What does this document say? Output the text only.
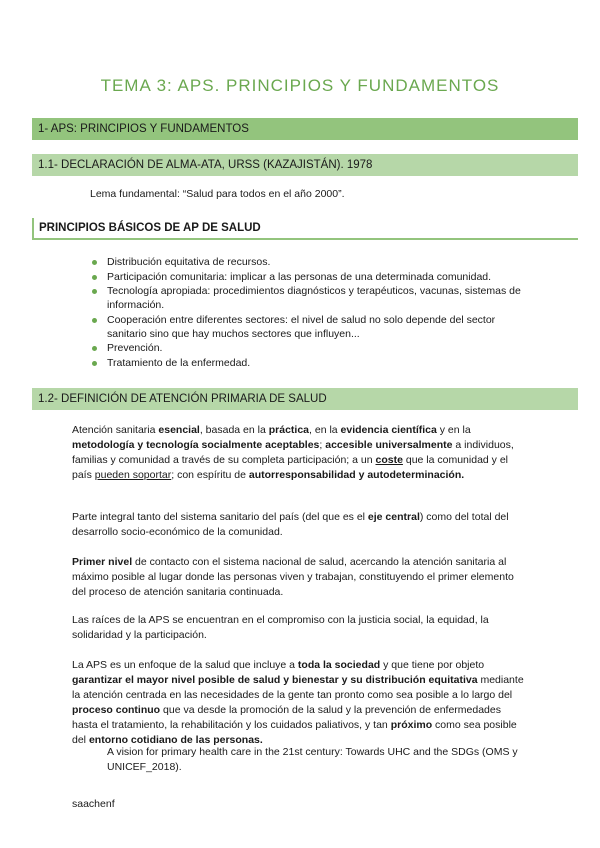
TEMA 3: APS. PRINCIPIOS Y FUNDAMENTOS
1- APS: PRINCIPIOS Y FUNDAMENTOS
1.1- DECLARACIÓN DE ALMA-ATA, URSS (KAZAJISTÁN). 1978
Lema fundamental: “Salud para todos en el año 2000”.
PRINCIPIOS BÁSICOS DE AP DE SALUD
Distribución equitativa de recursos.
Participación comunitaria: implicar a las personas de una determinada comunidad.
Tecnología apropiada: procedimientos diagnósticos y terapéuticos, vacunas, sistemas de información.
Cooperación entre diferentes sectores: el nivel de salud no solo depende del sector sanitario sino que hay muchos sectores que influyen...
Prevención.
Tratamiento de la enfermedad.
1.2- DEFINICIÓN DE ATENCIÓN PRIMARIA DE SALUD
Atención sanitaria esencial, basada en la práctica, en la evidencia científica y en la metodología y tecnología socialmente aceptables; accesible universalmente a individuos, familias y comunidad a través de su completa participación; a un coste que la comunidad y el país pueden soportar; con espíritu de autorresponsabilidad y autodeterminación.
Parte integral tanto del sistema sanitario del país (del que es el eje central) como del total del desarrollo socio-económico de la comunidad.
Primer nivel de contacto con el sistema nacional de salud, acercando la atención sanitaria al máximo posible al lugar donde las personas viven y trabajan, constituyendo el primer elemento del proceso de atención sanitaria continuada.
Las raíces de la APS se encuentran en el compromiso con la justicia social, la equidad, la solidaridad y la participación.
La APS es un enfoque de la salud que incluye a toda la sociedad y que tiene por objeto garantizar el mayor nivel posible de salud y bienestar y su distribución equitativa mediante la atención centrada en las necesidades de la gente tan pronto como sea posible a lo largo del proceso continuo que va desde la promoción de la salud y la prevención de enfermedades hasta el tratamiento, la rehabilitación y los cuidados paliativos, y tan próximo como sea posible del entorno cotidiano de las personas.
A vision for primary health care in the 21st century: Towards UHC and the SDGs (OMS y UNICEF_2018).
saachenf
